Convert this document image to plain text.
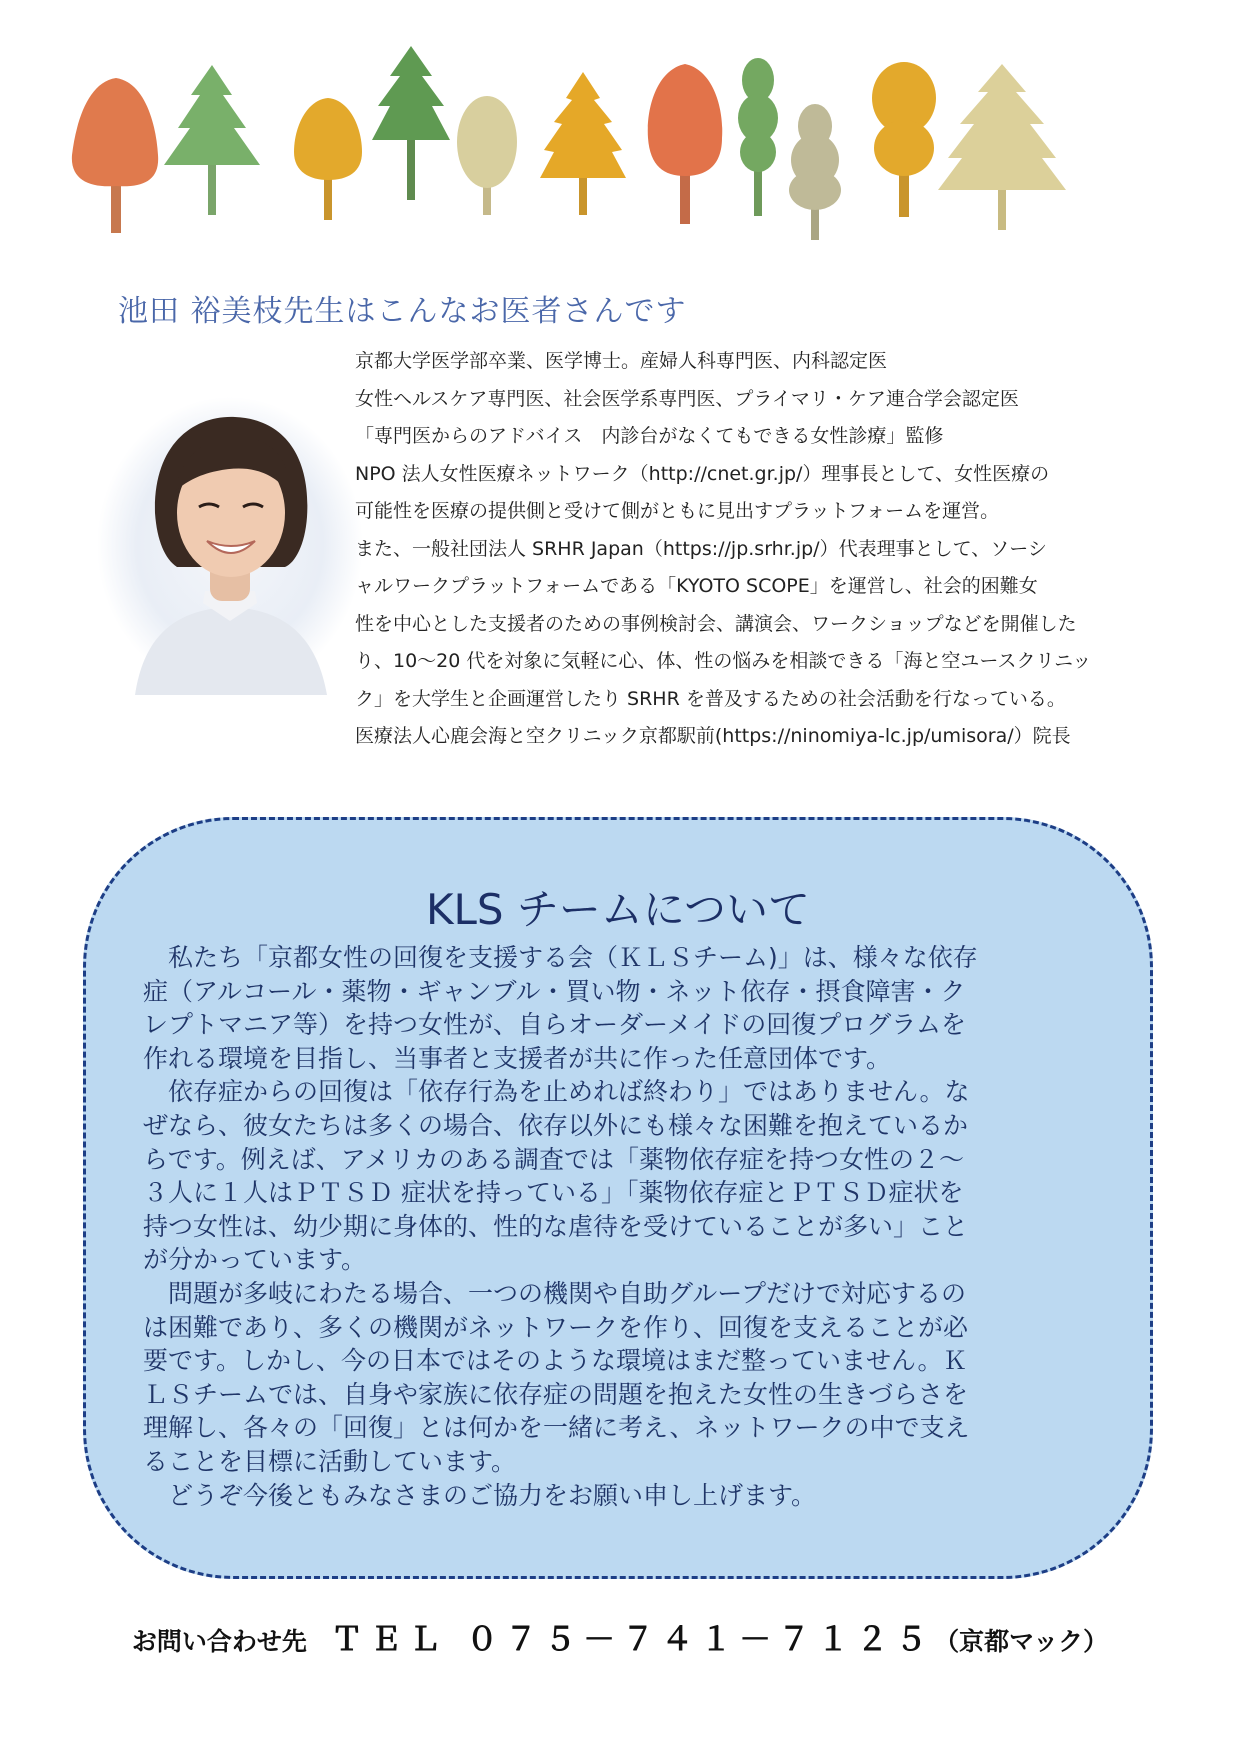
池田 裕美枝先生はこんなお医者さんです
京都大学医学部卒業、医学博士。産婦人科専門医、内科認定医
女性ヘルスケア専門医、社会医学系専門医、プライマリ・ケア連合学会認定医
「専門医からのアドバイス　内診台がなくてもできる女性診療」監修
NPO 法人女性医療ネットワーク（http://cnet.gr.jp/）理事長として、女性医療の
可能性を医療の提供側と受けて側がともに見出すプラットフォームを運営。
また、一般社団法人 SRHR Japan（https://jp.srhr.jp/）代表理事として、ソーシ
ャルワークプラットフォームである「KYOTO SCOPE」を運営し、社会的困難女
性を中心とした支援者のための事例検討会、講演会、ワークショップなどを開催した
り、10～20 代を対象に気軽に心、体、性の悩みを相談できる「海と空ユースクリニッ
ク」を大学生と企画運営したり SRHR を普及するための社会活動を行なっている。
医療法人心鹿会海と空クリニック京都駅前(https://ninomiya-lc.jp/umisora/）院長
KLS チームについて
　私たち「京都女性の回復を支援する会（ＫＬＳチーム)」は、様々な依存
症（アルコール・薬物・ギャンブル・買い物・ネット依存・摂食障害・ク
レプトマニア等）を持つ女性が、自らオーダーメイドの回復プログラムを
作れる環境を目指し、当事者と支援者が共に作った任意団体です。
　依存症からの回復は「依存行為を止めれば終わり」ではありません。な
ぜなら、彼女たちは多くの場合、依存以外にも様々な困難を抱えているか
らです。例えば、アメリカのある調査では「薬物依存症を持つ女性の２～
３人に１人はＰＴＳＤ 症状を持っている」「薬物依存症とＰＴＳＤ症状を
持つ女性は、幼少期に身体的、性的な虐待を受けていることが多い」こと
が分かっています。
　問題が多岐にわたる場合、一つの機関や自助グループだけで対応するの
は困難であり、多くの機関がネットワークを作り、回復を支えることが必
要です。しかし、今の日本ではそのような環境はまだ整っていません。Ｋ
ＬＳチームでは、自身や家族に依存症の問題を抱えた女性の生きづらさを
理解し、各々の「回復」とは何かを一緒に考え、ネットワークの中で支え
ることを目標に活動しています。
　どうぞ今後ともみなさまのご協力をお願い申し上げます。
お問い合わせ先 ＴＥＬ ０７５－７４１－７１２５（京都マック）
